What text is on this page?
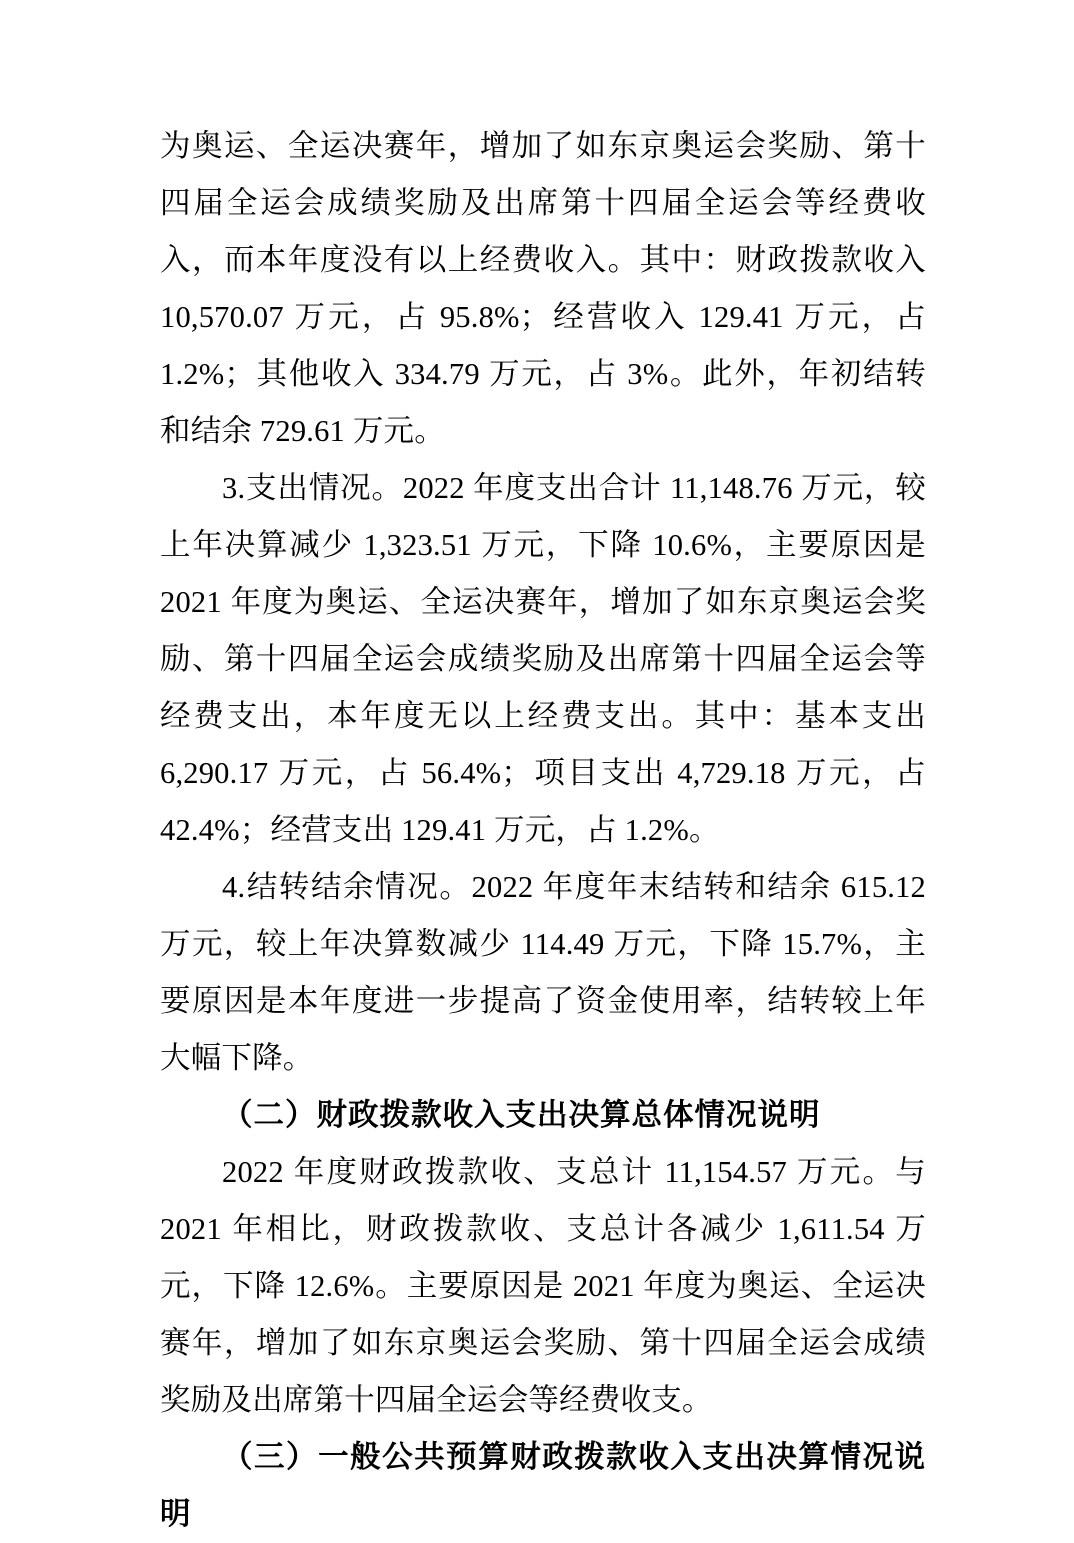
为奥运、全运决赛年，增加了如东京奥运会奖励、第十四届全运会成绩奖励及出席第十四届全运会等经费收入，而本年度没有以上经费收入。其中：财政拨款收入 10,570.07 万元，占 95.8%；经营收入 129.41 万元，占 1.2%；其他收入 334.79 万元，占 3%。此外，年初结转和结余 729.61 万元。

3.支出情况。2022 年度支出合计 11,148.76 万元，较上年决算减少 1,323.51 万元，下降 10.6%，主要原因是 2021 年度为奥运、全运决赛年，增加了如东京奥运会奖励、第十四届全运会成绩奖励及出席第十四届全运会等经费支出，本年度无以上经费支出。其中：基本支出 6,290.17 万元，占 56.4%；项目支出 4,729.18 万元，占 42.4%；经营支出 129.41 万元，占 1.2%。

4.结转结余情况。2022 年度年末结转和结余 615.12 万元，较上年决算数减少 114.49 万元，下降 15.7%，主要原因是本年度进一步提高了资金使用率，结转较上年大幅下降。

（二）财政拨款收入支出决算总体情况说明

2022 年度财政拨款收、支总计 11,154.57 万元。与 2021 年相比，财政拨款收、支总计各减少 1,611.54 万元，下降 12.6%。主要原因是 2021 年度为奥运、全运决赛年，增加了如东京奥运会奖励、第十四届全运会成绩奖励及出席第十四届全运会等经费收支。

（三）一般公共预算财政拨款收入支出决算情况说明
